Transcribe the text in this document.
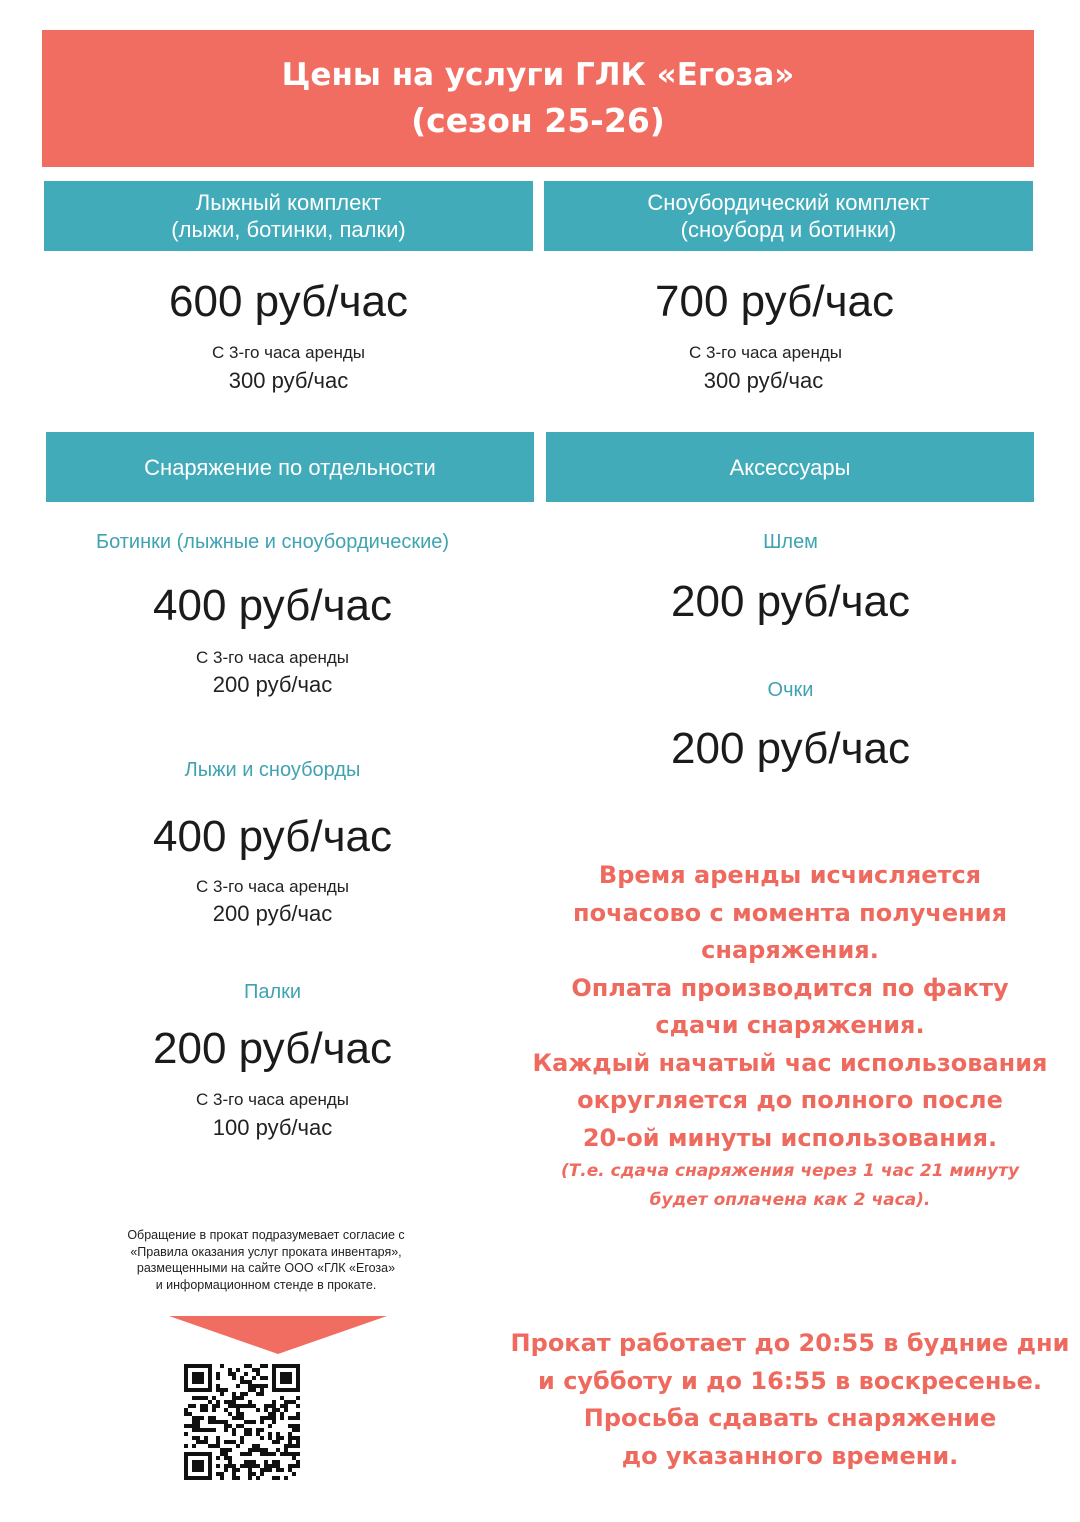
Цены на услуги ГЛК «Егоза»
(сезон 25-26)
Лыжный комплект
(лыжи, ботинки, палки)
600 руб/час
С 3-го часа аренды
300 руб/час
Сноубордический комплект
(сноуборд и ботинки)
700 руб/час
С 3-го часа аренды
300 руб/час
Снаряжение по отдельности
Ботинки (лыжные и сноубордические)
400 руб/час
С 3-го часа аренды
200 руб/час
Лыжи и сноуборды
400 руб/час
С 3-го часа аренды
200 руб/час
Палки
200 руб/час
С 3-го часа аренды
100 руб/час
Аксессуары
Шлем
200 руб/час
Очки
200 руб/час
Время аренды исчисляется
почасово с момента получения
снаряжения.
Оплата производится по факту
сдачи снаряжения.
Каждый начатый час использования
округляется до полного после
20-ой минуты использования.
(Т.е. сдача снаряжения через 1 час 21 минуту
будет оплачена как 2 часа).
Обращение в прокат подразумевает согласие с
«Правила оказания услуг проката инвентаря»,
размещенными на сайте ООО «ГЛК «Егоза»
и информационном стенде в прокате.
Прокат работает до 20:55 в будние дни
и субботу и до 16:55 в воскресенье.
Просьба сдавать снаряжение
до указанного времени.
